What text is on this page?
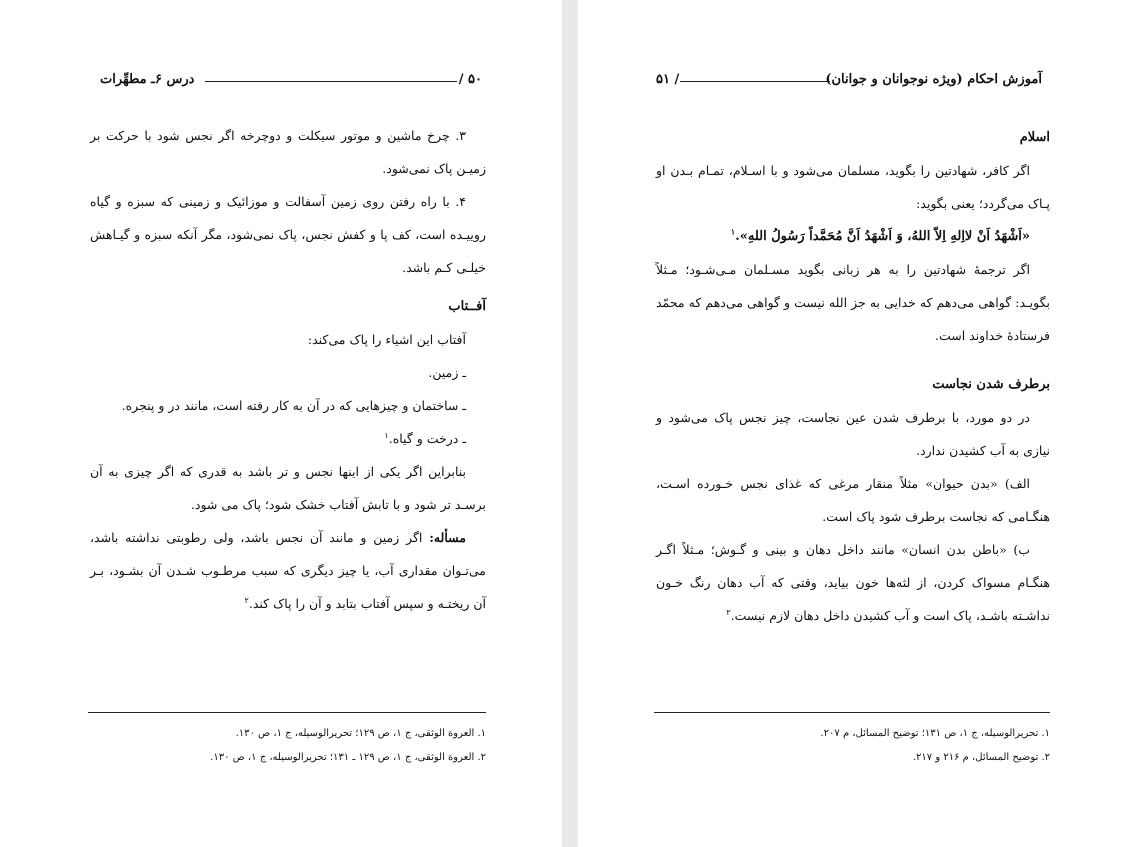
۵۰ /
درس ۶ـ مطهِّرات

۳. چرخ ماشین و موتور سیکلت و دوچرخه اگر نجس شود با حرکت بر زمیـن پاک نمی‌شود.

۴. با راه رفتن روی زمین آسفالت و موزائیک و زمینی که سبزه و گیاه روییـده است، کف پا و کفش نجس، پاک نمی‌شود، مگر آنکه سبزه و گیـاهش خیلـی کـم باشد.

آفــتاب

آفتاب این اشیاء را پاک می‌کند:

ـ زمین.

ـ ساختمان و چیزهایی که در آن به کار رفته است، مانند در و پنجره.

ـ درخت و گیاه.$^۱$

بنابراین اگر یکی از اینها نجس و تر باشد به قدری که اگر چیزی به آن برسـد تر شود و با تابش آفتاب خشک شود؛ پاک می شود.

مسأله: اگر زمین و مانند آن نجس باشد، ولی رطوبتی نداشته باشد، می‌تـوان مقداری آب، یا چیز دیگری که سبب مرطـوب شـدن آن بشـود، بـر آن ریختـه و سپس آفتاب بتابد و آن را پاک کند.$^۲$

۱. العروة الوثقی، ج ۱، ص ۱۲۹؛ تحریرالوسیله، ج ۱، ص ۱۳۰.
۲. العروة الوثقی، ج ۱، ص ۱۲۹ ـ ۱۳۱؛ تحریرالوسیله، ج ۱، ص ۱۳۰.
آموزش احکام (ویژه نوجوانان و جوانان)
/ ۵۱

اسلام

اگر کافر، شهادتین را بگوید، مسلمان می‌شود و با اسـلام، تمـام بـدن او پـاک می‌گردد؛ یعنی بگوید:

«اَشْهَدُ اَنْ لااِلهِ اِلاّ اللهُ، وَ اَشْهَدُ اَنَّ مُحَمَّداً رَسُولُ اللهِ».$^۱$

اگر ترجمهٔ شهادتین را به هر زبانی بگوید مسـلمان مـی‌شـود؛ مـثلاً بگویـد: گواهی می‌دهم که خدایی به جز الله نیست و گواهی می‌دهم که محمّد فرستادهٔ خداوند است.

برطرف شدن نجاست

در دو مورد، با برطرف شدن عین نجاست، چیز نجس پاک می‌شود و نیازی به آب کشیدن ندارد.

الف) «بدن حیوان» مثلاً منقار مرغی که غذای نجس خـورده اسـت، هنگـامی که نجاست برطرف شود پاک است.

ب) «باطن بدن انسان» مانند داخل دهان و بینی و گـوش؛ مـثلاً اگـر هنگـام مسواک کردن، از لثه‌ها خون بیاید، وقتی که آب دهان رنگ خـون نداشـته باشـد، پاک است و آب کشیدن داخل دهان لازم نیست.$^۲$

۱. تحریرالوسیله، ج ۱، ص ۱۳۱؛ توضیح المسائل، م ۲۰۷.
۲. توضیح المسائل، م ۲۱۶ و ۲۱۷.
